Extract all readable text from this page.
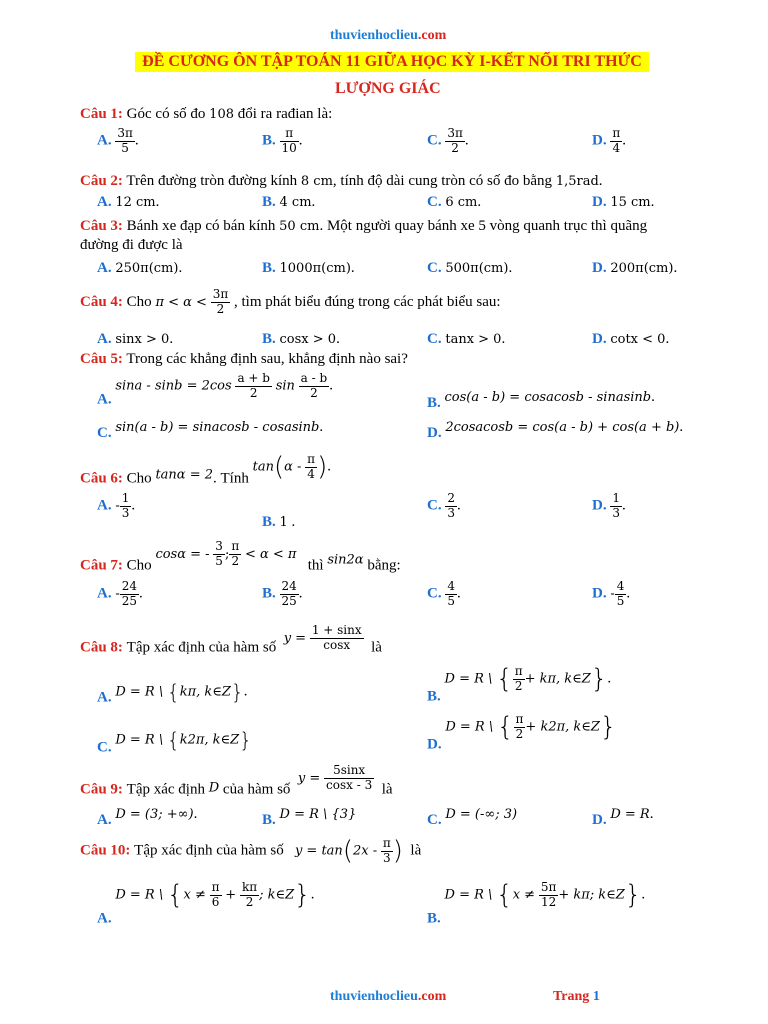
thuvienhoclieu.com
ĐỀ CƯƠNG ÔN TẬP TOÁN 11 GIỮA HỌC KỲ I-KẾT NỐI TRI THỨC
LƯỢNG GIÁC
Câu 1: Góc có số đo 108 đổi ra rađian là:
A. $\frac{3\pi}{5}$ .	B. $\frac{\pi}{10}$ .	C. $\frac{3\pi}{2}$ .	D. $\frac{\pi}{4}$ .
Câu 2: Trên đường tròn đường kính 8 cm, tính độ dài cung tròn có số đo bằng 1,5rad.
A. 12 cm.	B. 4 cm.	C. 6 cm.	D. 15 cm.
Câu 3: Bánh xe đạp có bán kính 50 cm. Một người quay bánh xe 5 vòng quanh trục thì quãng
đường đi được là
A. 250π(cm).	B. 1000π(cm).	C. 500π(cm).	D. 200π(cm).
Câu 4: Cho $\pi < \alpha < \frac{3\pi}{2}$ , tìm phát biểu đúng trong các phát biểu sau:
A. sinx > 0.	B. cosx > 0.	C. tanx > 0.	D. cotx < 0.
Câu 5: Trong các khẳng định sau, khẳng định nào sai?
A. $\sin a - \sin b = 2\cos \frac{a + b}{2}$ $\sin \frac{a - b}{2}$ .
B. cos(a - b) = cosacosb - sinasinb.
C. sin(a - b) = sinacosb - cosasinb.	D. 2cosacosb = cos(a - b) + cos(a + b).
Câu 6: Cho tanα = 2. Tính $\tan(\alpha - \frac{\pi}{4}$ ).
A. - $\frac{1}{3}$ .
B. 1 .
C. $\frac{2}{3}$ .	D. $\frac{1}{3}$ .
Câu 7: Cho cosα = - $\frac{3}{5}$ ; $\frac{\pi}{2} < \alpha < \pi$   thì sin2α bằng:
A. - $\frac{24}{25}$ .	B. $\frac{24}{25}$ .	C. $\frac{4}{5}$ .	D. - $\frac{4}{5}$ .
Câu 8: Tập xác định của hàm số  $y = \frac{1 + \sin x}{\cos x}$ là
A. D = R \ {kπ, k∈Z}.	B. D = R \ { $\frac{\pi}{2} + k\pi$, k∈Z}.
C. D = R \ {k2π, k∈Z}	D. D = R \ { $\frac{\pi}{2} + k2\pi$, k∈Z}
Câu 9: Tập xác định D của hàm số  $y = \frac{5\sin x}{\cos x - 3}$ là
A. D = (3; +∞).	B. D = R \ {3}	C. D = (-∞; 3)	D. D = R.
Câu 10: Tập xác định của hàm số $y = \tan(2x - \frac{\pi}{3}$ ) là
A. D = R \ {$x \ne \frac{\pi}{6} + \frac{k\pi}{2}$ ; k∈Z}.
B. D = R \ {$x \ne \frac{5\pi}{12} + k\pi$; k∈Z}.
thuvienhoclieu.com	Trang 1
